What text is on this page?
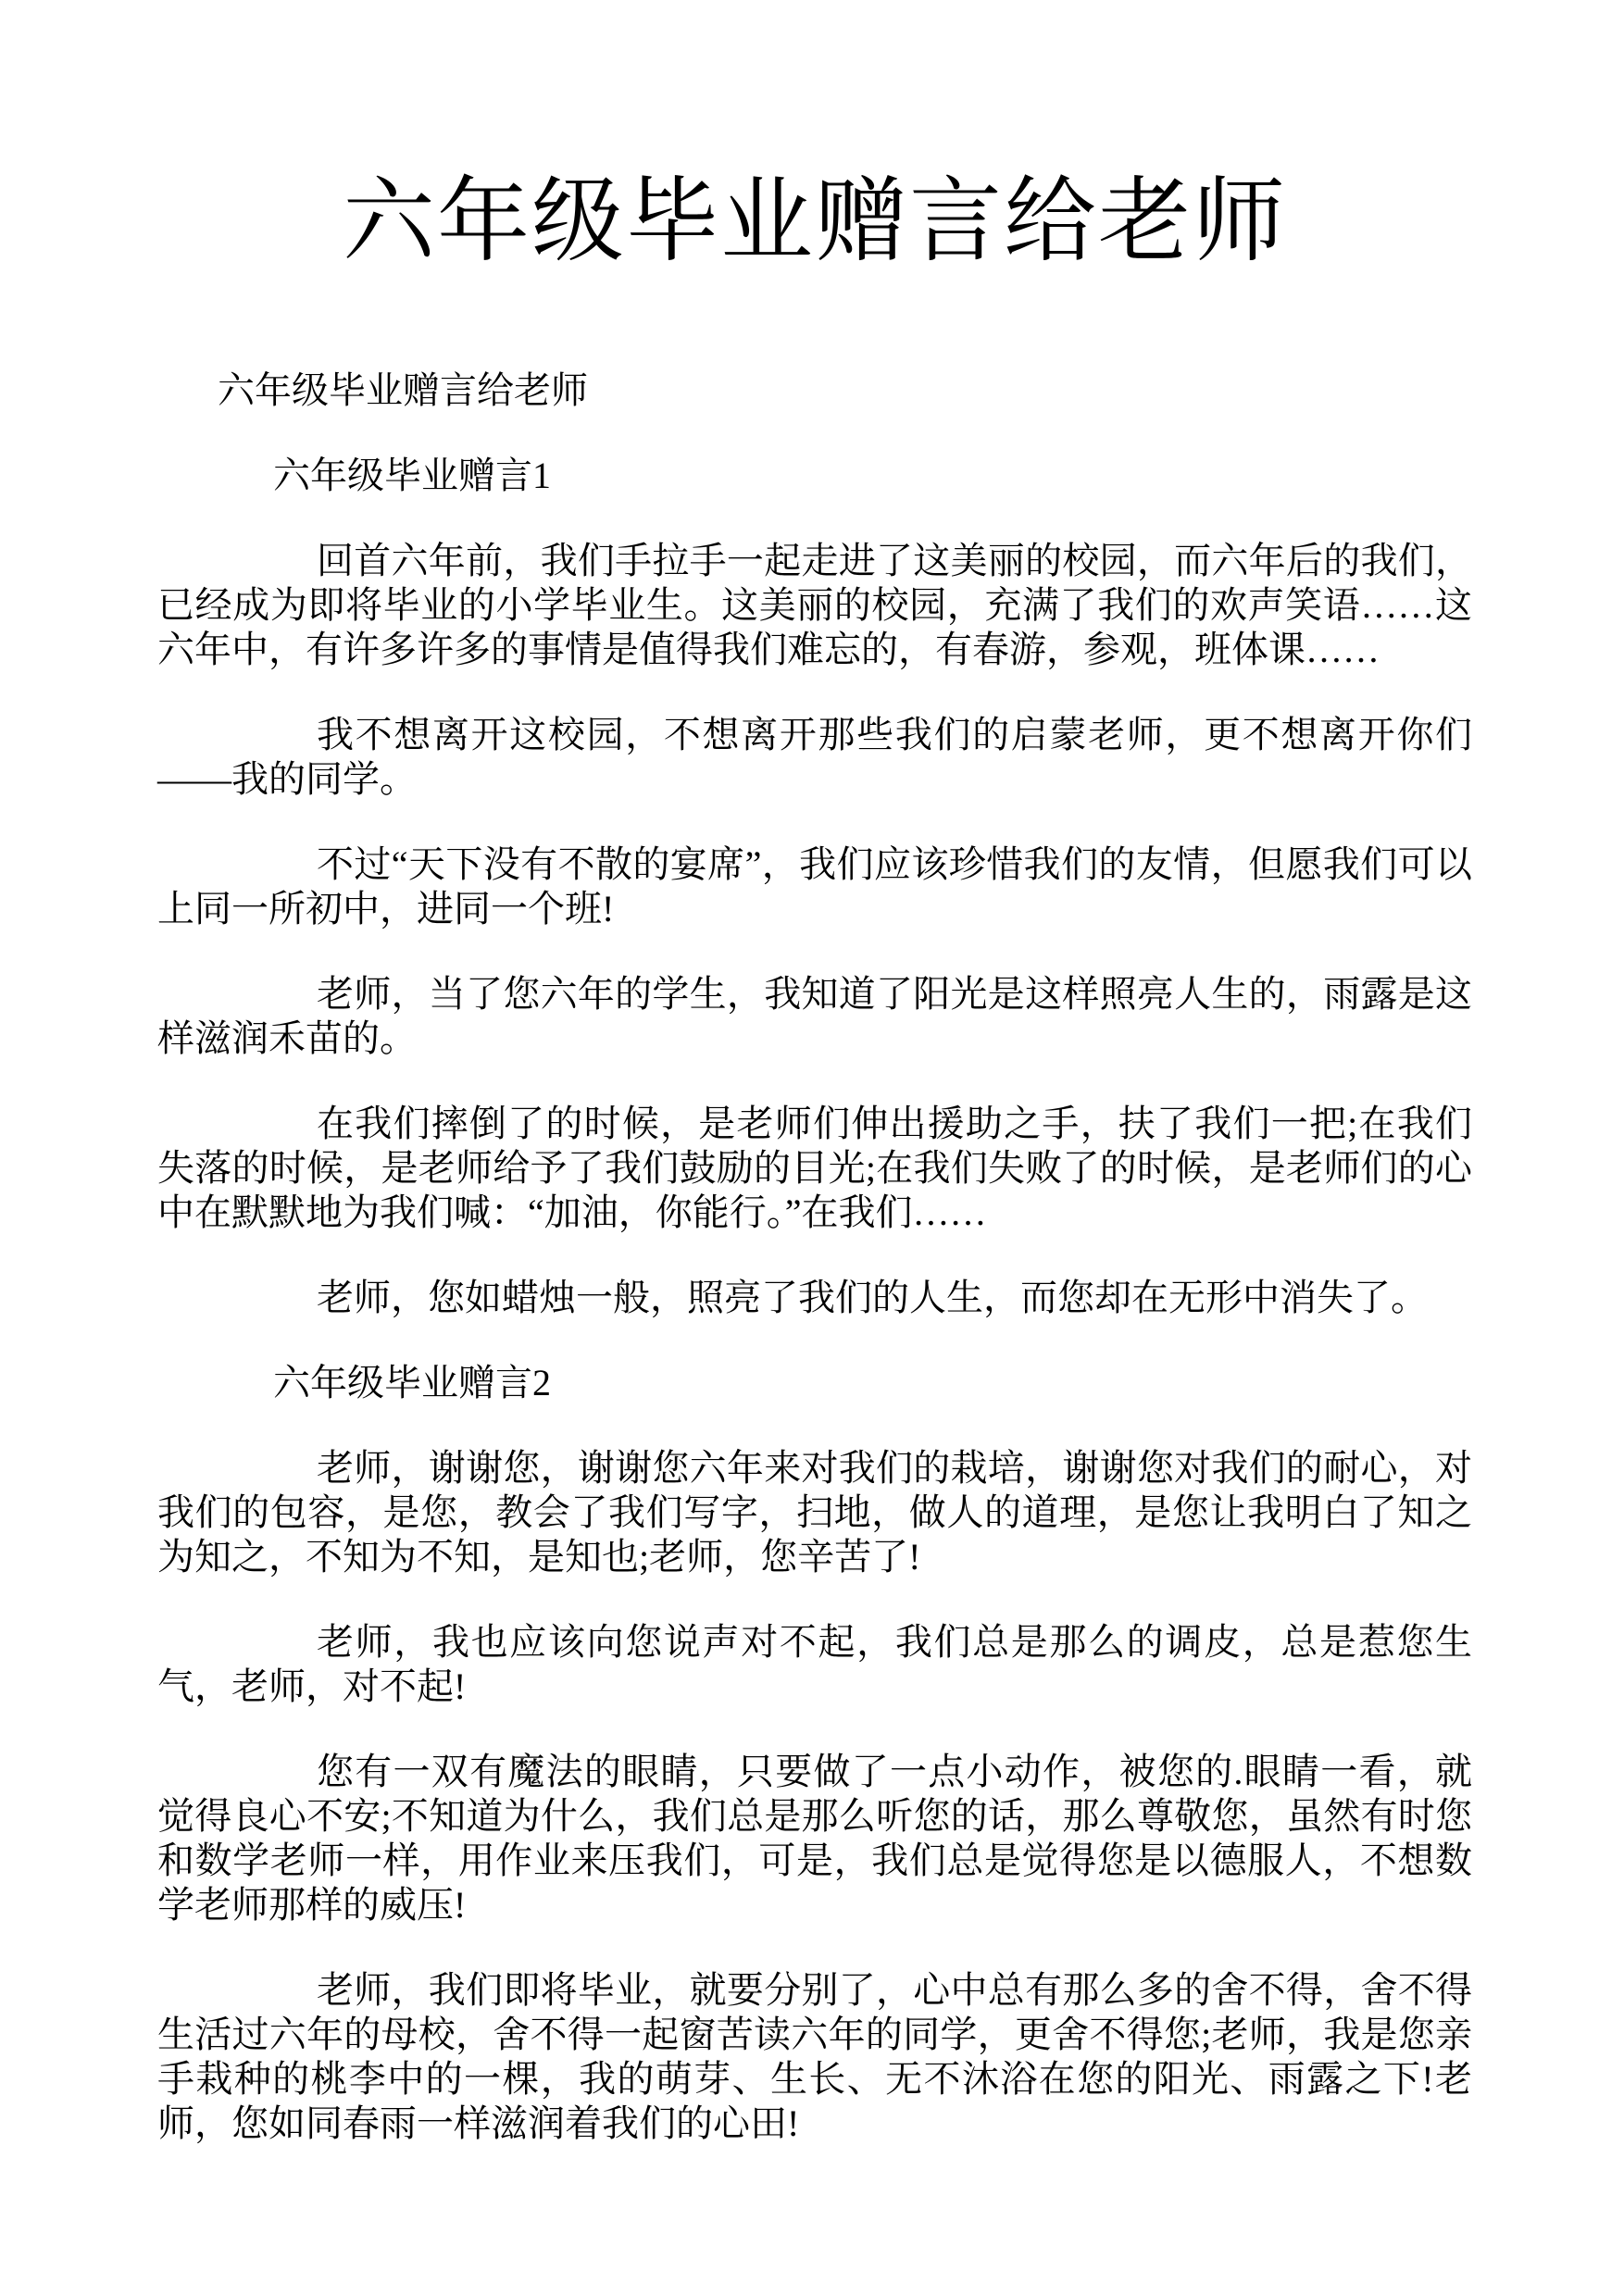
六年级毕业赠言给老师

六年级毕业赠言给老师

六年级毕业赠言1

回首六年前，我们手拉手一起走进了这美丽的校园，而六年后的我们，已经成为即将毕业的小学毕业生。这美丽的校园，充满了我们的欢声笑语……这六年中，有许多许多的事情是值得我们难忘的，有春游，参观，班体课……

我不想离开这校园，不想离开那些我们的启蒙老师，更不想离开你们——我的同学。

不过“天下没有不散的宴席”，我们应该珍惜我们的友情，但愿我们可以上同一所初中，进同一个班!

老师，当了您六年的学生，我知道了阳光是这样照亮人生的，雨露是这样滋润禾苗的。

在我们摔倒了的时候，是老师们伸出援助之手，扶了我们一把;在我们失落的时候，是老师给予了我们鼓励的目光;在我们失败了的时候，是老师们的心中在默默地为我们喊：“加油，你能行。”在我们……

老师，您如蜡烛一般，照亮了我们的人生，而您却在无形中消失了。

六年级毕业赠言2

老师，谢谢您，谢谢您六年来对我们的栽培，谢谢您对我们的耐心，对我们的包容，是您，教会了我们写字，扫地，做人的道理，是您让我明白了知之为知之，不知为不知，是知也;老师，您辛苦了!

老师，我也应该向您说声对不起，我们总是那么的调皮，总是惹您生气，老师，对不起!

您有一双有魔法的眼睛，只要做了一点小动作，被您的.眼睛一看，就觉得良心不安;不知道为什么，我们总是那么听您的话，那么尊敬您，虽然有时您和数学老师一样，用作业来压我们，可是，我们总是觉得您是以德服人，不想数学老师那样的威压!

老师，我们即将毕业，就要分别了，心中总有那么多的舍不得，舍不得生活过六年的母校，舍不得一起窗苦读六年的同学，更舍不得您;老师，我是您亲手栽种的桃李中的一棵，我的萌芽、生长、无不沐浴在您的阳光、雨露之下!老师，您如同春雨一样滋润着我们的心田!
